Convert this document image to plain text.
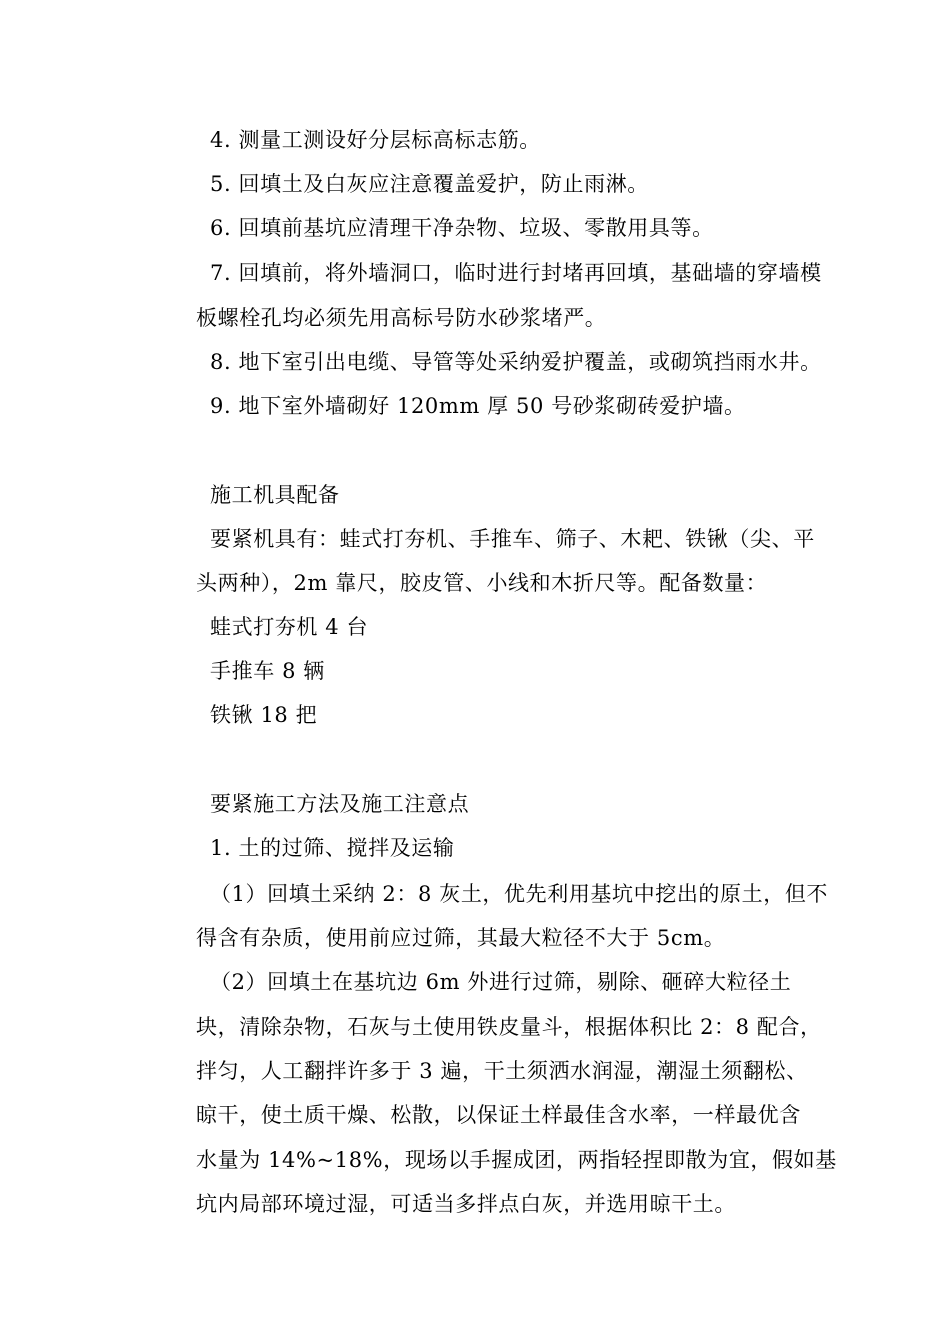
4. 测量工测设好分层标高标志筋。
5. 回填土及白灰应注意覆盖爱护，防止雨淋。
6. 回填前基坑应清理干净杂物、垃圾、零散用具等。
7. 回填前，将外墙洞口，临时进行封堵再回填，基础墙的穿墙模
板螺栓孔均必须先用高标号防水砂浆堵严。
8. 地下室引出电缆、导管等处采纳爱护覆盖，或砌筑挡雨水井。
9. 地下室外墙砌好 120mm 厚 50 号砂浆砌砖爱护墙。
施工机具配备
要紧机具有：蛙式打夯机、手推车、筛子、木耙、铁锹（尖、平
头两种），2m 靠尺，胶皮管、小线和木折尺等。配备数量：
蛙式打夯机 4 台
手推车 8 辆
铁锹 18 把
要紧施工方法及施工注意点
1. 土的过筛、搅拌及运输
（1）回填土采纳 2：8 灰土，优先利用基坑中挖出的原土，但不
得含有杂质，使用前应过筛，其最大粒径不大于 5cm。
（2）回填土在基坑边 6m 外进行过筛，剔除、砸碎大粒径土
块，清除杂物，石灰与土使用铁皮量斗，根据体积比 2：8 配合，
拌匀，人工翻拌许多于 3 遍，干土须洒水润湿，潮湿土须翻松、
晾干，使土质干燥、松散，以保证土样最佳含水率，一样最优含
水量为 14%~18%，现场以手握成团，两指轻捏即散为宜，假如基
坑内局部环境过湿，可适当多拌点白灰，并选用晾干土。
